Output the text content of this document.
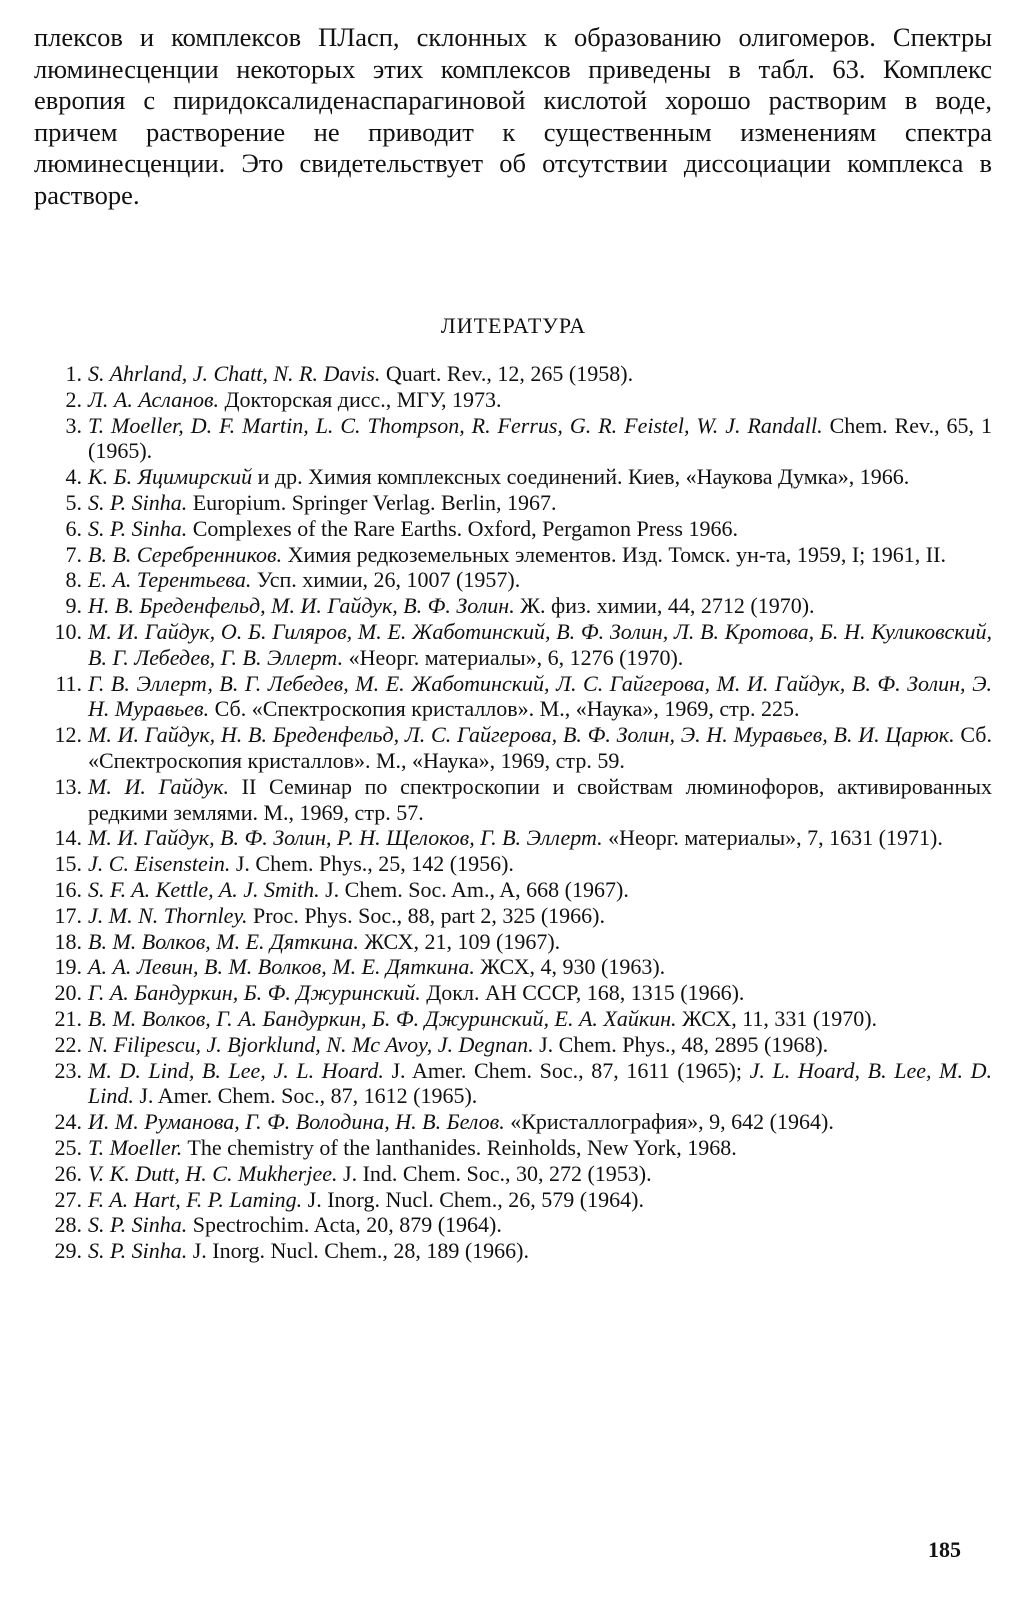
плексов и комплексов ПЛасп, склонных к образованию олигомеров. Спектры люминесценции некоторых этих комплексов приведены в табл. 63. Комплекс европия с пиридоксалиденаспарагиновой кислотой хорошо растворим в воде, причем растворение не приводит к существенным изменениям спектра люминесценции. Это свидетельствует об отсутствии диссоциации комплекса в растворе.

ЛИТЕРАТУРА
1. S. Ahrland, J. Chatt, N. R. Davis. Quart. Rev., 12, 265 (1958).
2. Л. А. Асланов. Докторская дисс., МГУ, 1973.
3. T. Moeller, D. F. Martin, L. C. Thompson, R. Ferrus, G. R. Feistel, W. J. Randall. Chem. Rev., 65, 1 (1965).
4. К. Б. Яцимирский и др. Химия комплексных соединений. Киев, «Наукова Думка», 1966.
5. S. P. Sinha. Europium. Springer Verlag. Berlin, 1967.
6. S. P. Sinha. Complexes of the Rare Earths. Oxford, Pergamon Press 1966.
7. В. В. Серебренников. Химия редкоземельных элементов. Изд. Томск. ун-та, 1959, I; 1961, II.
8. Е. А. Терентьева. Усп. химии, 26, 1007 (1957).
9. Н. В. Бреденфельд, М. И. Гайдук, В. Ф. Золин. Ж. физ. химии, 44, 2712 (1970).
10. М. И. Гайдук, О. Б. Гиляров, М. Е. Жаботинский, В. Ф. Золин, Л. В. Кротова, Б. Н. Куликовский, В. Г. Лебедев, Г. В. Эллерт. «Неорг. материалы», 6, 1276 (1970).
11. Г. В. Эллерт, В. Г. Лебедев, М. Е. Жаботинский, Л. С. Гайгерова, М. И. Гайдук, В. Ф. Золин, Э. Н. Муравьев. Сб. «Спектроскопия кристаллов». М., «Наука», 1969, стр. 225.
12. М. И. Гайдук, Н. В. Бреденфельд, Л. С. Гайгерова, В. Ф. Золин, Э. Н. Муравьев, В. И. Царюк. Сб. «Спектроскопия кристаллов». М., «Наука», 1969, стр. 59.
13. М. И. Гайдук. II Семинар по спектроскопии и свойствам люминофоров, активированных редкими землями. М., 1969, стр. 57.
14. М. И. Гайдук, В. Ф. Золин, Р. Н. Щелоков, Г. В. Эллерт. «Неорг. материалы», 7, 1631 (1971).
15. J. C. Eisenstein. J. Chem. Phys., 25, 142 (1956).
16. S. F. A. Kettle, A. J. Smith. J. Chem. Soc. Am., A, 668 (1967).
17. J. M. N. Thornley. Proc. Phys. Soc., 88, part 2, 325 (1966).
18. В. М. Волков, М. Е. Дяткина. ЖСХ, 21, 109 (1967).
19. А. А. Левин, В. М. Волков, М. Е. Дяткина. ЖСХ, 4, 930 (1963).
20. Г. А. Бандуркин, Б. Ф. Джуринский. Докл. АН СССР, 168, 1315 (1966).
21. В. М. Волков, Г. А. Бандуркин, Б. Ф. Джуринский, Е. А. Хайкин. ЖСХ, 11, 331 (1970).
22. N. Filipescu, J. Bjorklund, N. Mc Avoy, J. Degnan. J. Chem. Phys., 48, 2895 (1968).
23. M. D. Lind, B. Lee, J. L. Hoard. J. Amer. Chem. Soc., 87, 1611 (1965); J. L. Hoard, B. Lee, M. D. Lind. J. Amer. Chem. Soc., 87, 1612 (1965).
24. И. М. Руманова, Г. Ф. Володина, Н. В. Белов. «Кристаллография», 9, 642 (1964).
25. T. Moeller. The chemistry of the lanthanides. Reinholds, New York, 1968.
26. V. K. Dutt, H. C. Mukherjee. J. Ind. Chem. Soc., 30, 272 (1953).
27. F. A. Hart, F. P. Laming. J. Inorg. Nucl. Chem., 26, 579 (1964).
28. S. P. Sinha. Spectrochim. Acta, 20, 879 (1964).
29. S. P. Sinha. J. Inorg. Nucl. Chem., 28, 189 (1966).
185
